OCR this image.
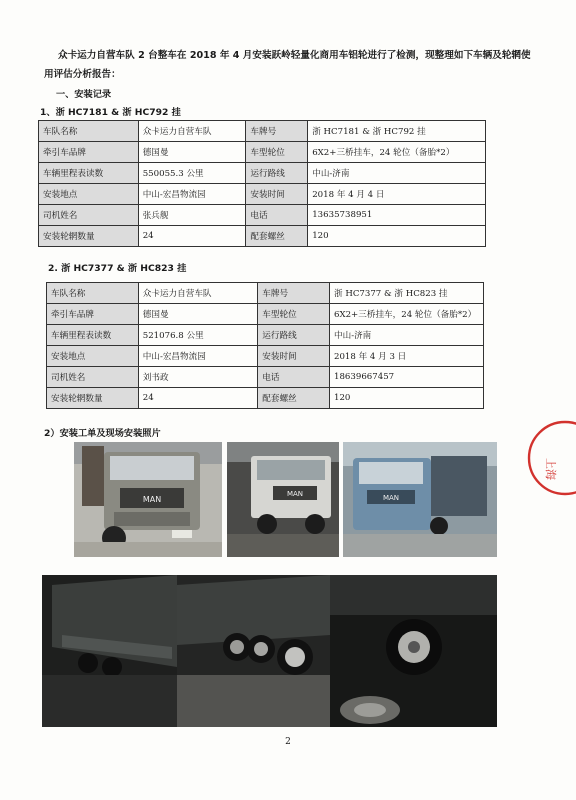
众卡运力自营车队 2 台整车在 2018 年 4 月安装跃岭轻量化商用车铝轮进行了检测，现整理如下车辆及轮辋使用评估分析报告：
一、安装记录
1、浙 HC7181 & 浙 HC792 挂
车队名称	众卡运力自营车队	车牌号	浙 HC7181 & 浙 HC792 挂
牵引车品牌	德国曼	车型轮位	6X2+三桥挂车，24 轮位（备胎*2）
车辆里程表读数	550055.3 公里	运行路线	中山-济南
安装地点	中山-宏昌物流园	安装时间	2018 年 4 月 4 日
司机姓名	张兵舰	电话	13635738951
安装轮辋数量	24	配套螺丝	120
2. 浙 HC7377 & 浙 HC823 挂
车队名称	众卡运力自营车队	车牌号	浙 HC7377 & 浙 HC823 挂
牵引车品牌	德国曼	车型轮位	6X2+三桥挂车，24 轮位（备胎*2）
车辆里程表读数	521076.8 公里	运行路线	中山-济南
安装地点	中山-宏昌物流园	安装时间	2018 年 4 月 3 日
司机姓名	刘书政	电话	18639667457
安装轮辋数量	24	配套螺丝	120
2）安装工单及现场安装照片
MAN
MAN	MAN
上海
2
